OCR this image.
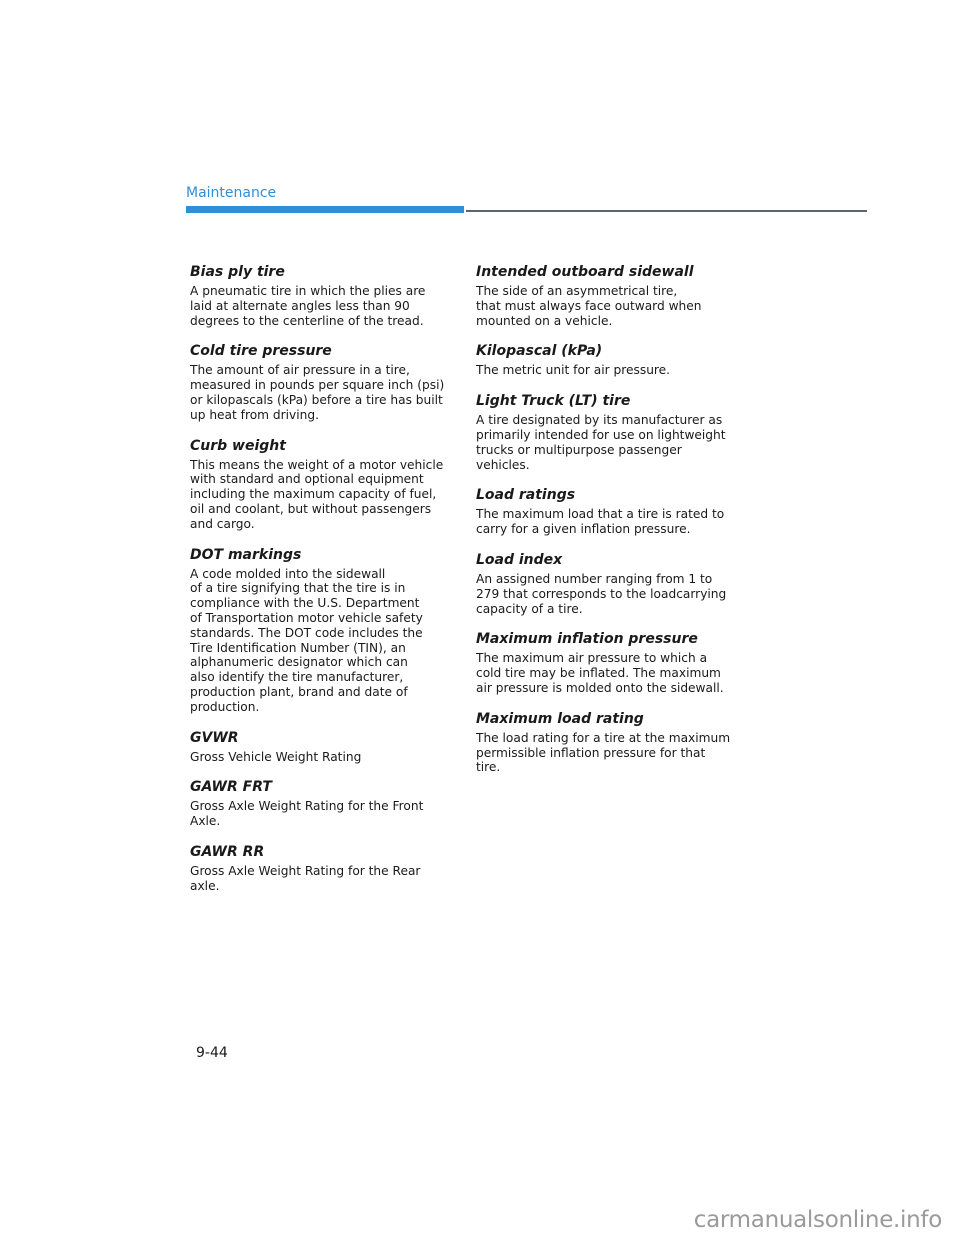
Maintenance
Bias ply tire
A pneumatic tire in which the plies are
laid at alternate angles less than 90
degrees to the centerline of the tread.
Cold tire pressure
The amount of air pressure in a tire,
measured in pounds per square inch (psi)
or kilopascals (kPa) before a tire has built
up heat from driving.
Curb weight
This means the weight of a motor vehicle
with standard and optional equipment
including the maximum capacity of fuel,
oil and coolant, but without passengers
and cargo.
DOT markings
A code molded into the sidewall
of a tire signifying that the tire is in
compliance with the U.S. Department
of Transportation motor vehicle safety
standards. The DOT code includes the
Tire Identification Number (TIN), an
alphanumeric designator which can
also identify the tire manufacturer,
production plant, brand and date of
production.
GVWR
Gross Vehicle Weight Rating
GAWR FRT
Gross Axle Weight Rating for the Front
Axle.
GAWR RR
Gross Axle Weight Rating for the Rear
axle.
Intended outboard sidewall
The side of an asymmetrical tire,
that must always face outward when
mounted on a vehicle.
Kilopascal (kPa)
The metric unit for air pressure.
Light Truck (LT) tire
A tire designated by its manufacturer as
primarily intended for use on lightweight
trucks or multipurpose passenger
vehicles.
Load ratings
The maximum load that a tire is rated to
carry for a given inflation pressure.
Load index
An assigned number ranging from 1 to
279 that corresponds to the loadcarrying
capacity of a tire.
Maximum inflation pressure
The maximum air pressure to which a
cold tire may be inflated. The maximum
air pressure is molded onto the sidewall.
Maximum load rating
The load rating for a tire at the maximum
permissible inflation pressure for that
tire.
9-44
carmanualsonline.info
